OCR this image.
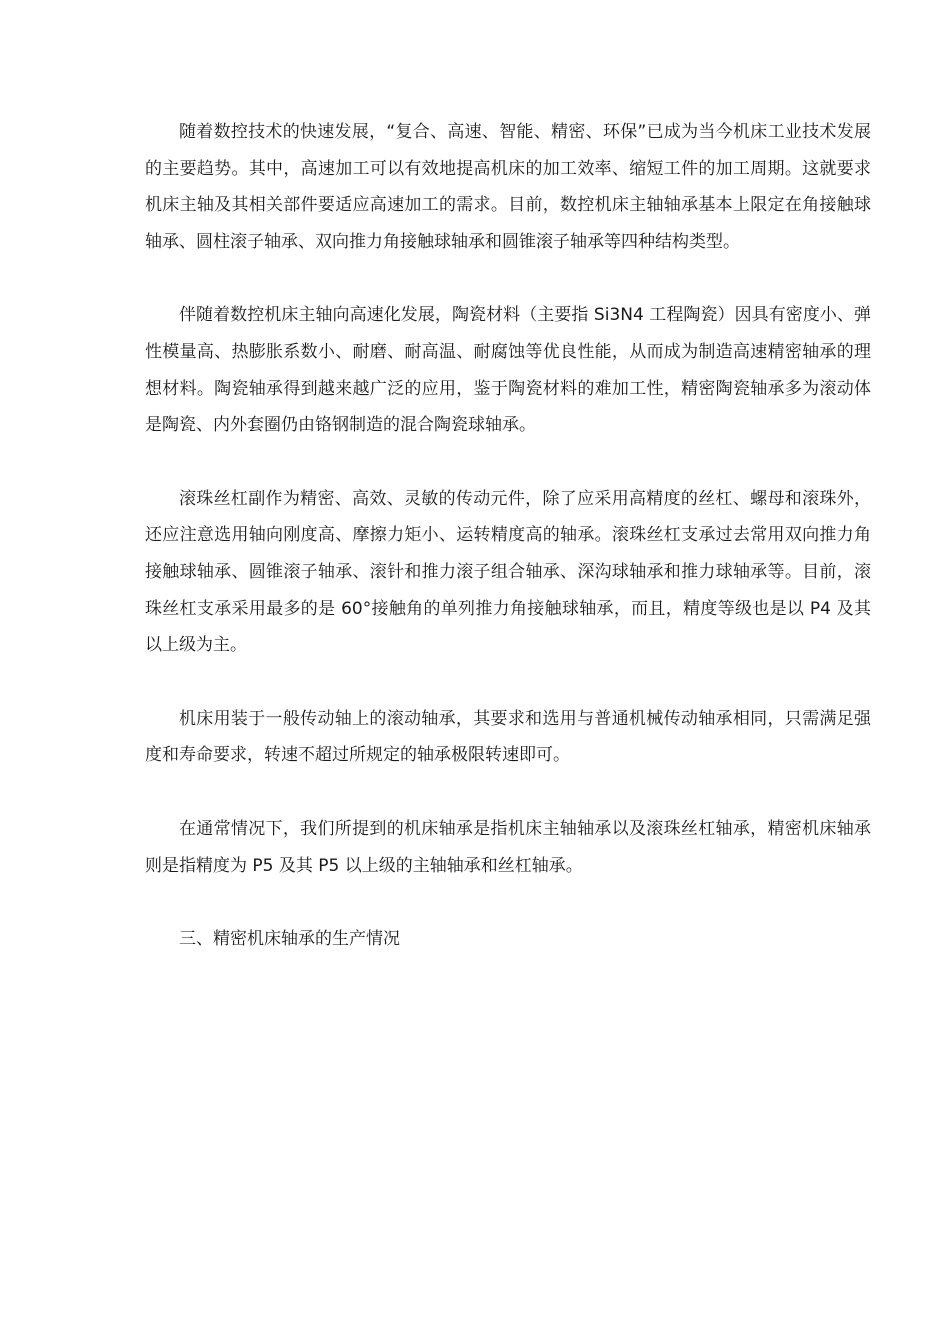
随着数控技术的快速发展，“复合、高速、智能、精密、环保”已成为当今机床工业技术发展的主要趋势。其中，高速加工可以有效地提高机床的加工效率、缩短工件的加工周期。这就要求机床主轴及其相关部件要适应高速加工的需求。目前，数控机床主轴轴承基本上限定在角接触球轴承、圆柱滚子轴承、双向推力角接触球轴承和圆锥滚子轴承等四种结构类型。

伴随着数控机床主轴向高速化发展，陶瓷材料（主要指 Si3N4 工程陶瓷）因具有密度小、弹性模量高、热膨胀系数小、耐磨、耐高温、耐腐蚀等优良性能，从而成为制造高速精密轴承的理想材料。陶瓷轴承得到越来越广泛的应用，鉴于陶瓷材料的难加工性，精密陶瓷轴承多为滚动体是陶瓷、内外套圈仍由铬钢制造的混合陶瓷球轴承。

滚珠丝杠副作为精密、高效、灵敏的传动元件，除了应采用高精度的丝杠、螺母和滚珠外，还应注意选用轴向刚度高、摩擦力矩小、运转精度高的轴承。滚珠丝杠支承过去常用双向推力角接触球轴承、圆锥滚子轴承、滚针和推力滚子组合轴承、深沟球轴承和推力球轴承等。目前，滚珠丝杠支承采用最多的是 60°接触角的单列推力角接触球轴承，而且，精度等级也是以 P4 及其以上级为主。

机床用装于一般传动轴上的滚动轴承，其要求和选用与普通机械传动轴承相同，只需满足强度和寿命要求，转速不超过所规定的轴承极限转速即可。

在通常情况下，我们所提到的机床轴承是指机床主轴轴承以及滚珠丝杠轴承，精密机床轴承则是指精度为 P5 及其 P5 以上级的主轴轴承和丝杠轴承。

三、精密机床轴承的生产情况
